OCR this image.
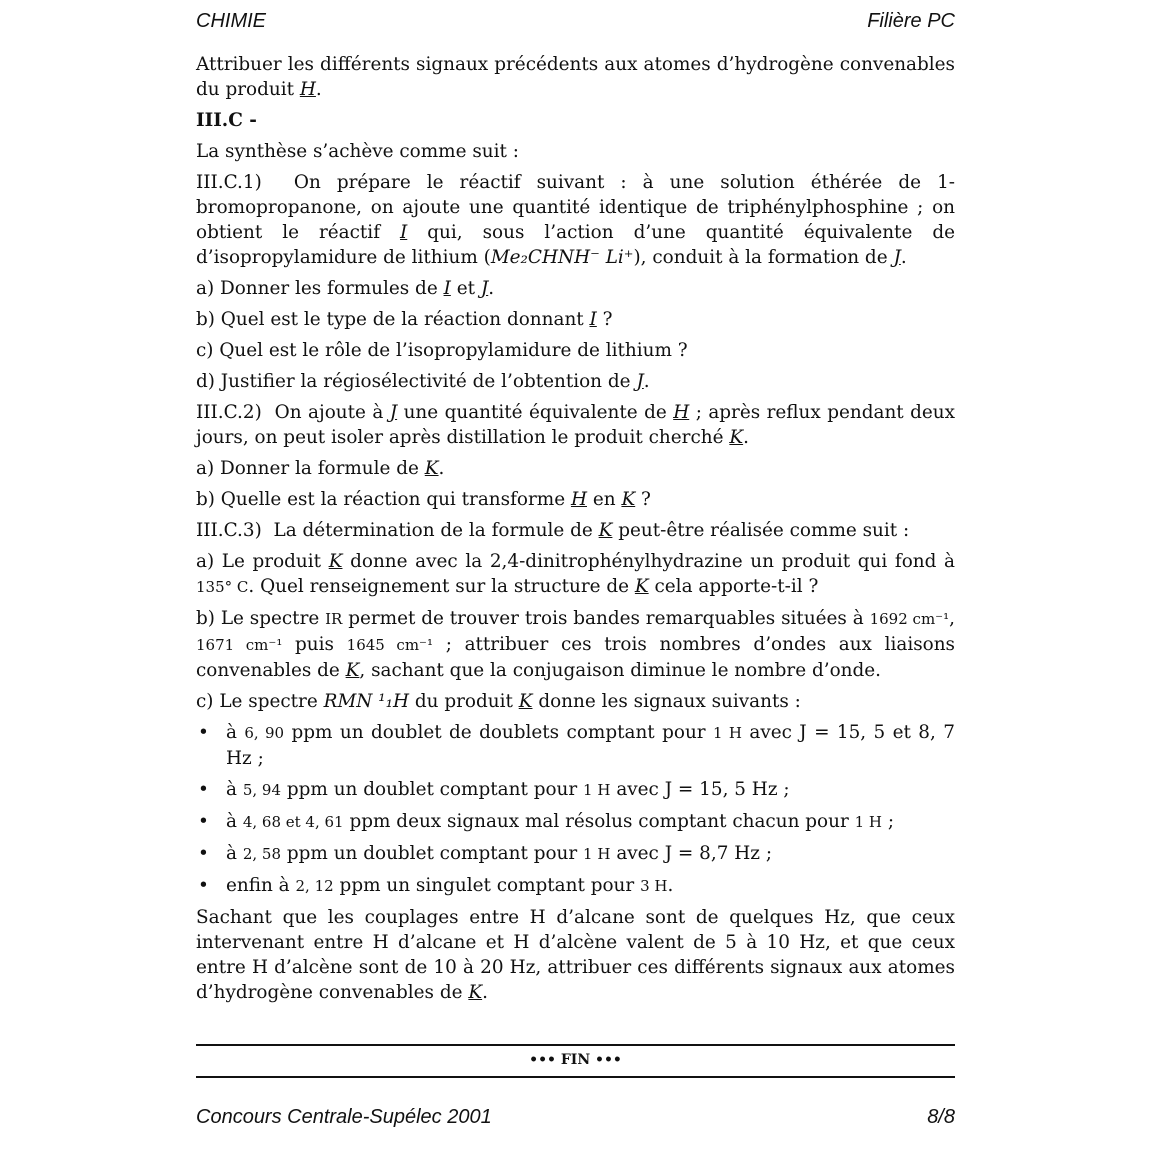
CHIMIE	Filière PC

Attribuer les différents signaux précédents aux atomes d’hydrogène convenables du produit H.

III.C -

La synthèse s’achève comme suit :

III.C.1) On prépare le réactif suivant : à une solution éthérée de 1-bromopropanone, on ajoute une quantité identique de triphénylphosphine ; on obtient le réactif I qui, sous l’action d’une quantité équivalente de d’isopropylamidure de lithium (Me₂CHNH⁻ Li⁺), conduit à la formation de J.

a) Donner les formules de I et J.

b) Quel est le type de la réaction donnant I ?

c) Quel est le rôle de l’isopropylamidure de lithium ?

d) Justifier la régiosélectivité de l’obtention de J.

III.C.2) On ajoute à J une quantité équivalente de H ; après reflux pendant deux jours, on peut isoler après distillation le produit cherché K.

a) Donner la formule de K.

b) Quelle est la réaction qui transforme H en K ?

III.C.3) La détermination de la formule de K peut-être réalisée comme suit :

a) Le produit K donne avec la 2,4-dinitrophénylhydrazine un produit qui fond à 135° C. Quel renseignement sur la structure de K cela apporte-t-il ?

b) Le spectre IR permet de trouver trois bandes remarquables situées à 1692 cm⁻¹, 1671 cm⁻¹ puis 1645 cm⁻¹ ; attribuer ces trois nombres d’ondes aux liaisons convenables de K, sachant que la conjugaison diminue le nombre d’onde.

c) Le spectre RMN ¹₁H du produit K donne les signaux suivants :

• à 6, 90 ppm un doublet de doublets comptant pour 1 H avec J = 15, 5 et 8, 7 Hz ;

• à 5, 94 ppm un doublet comptant pour 1 H avec J = 15, 5 Hz ;

• à 4, 68 et 4, 61 ppm deux signaux mal résolus comptant chacun pour 1 H ;

• à 2, 58 ppm un doublet comptant pour 1 H avec J = 8,7 Hz ;

• enfin à 2, 12 ppm un singulet comptant pour 3 H.

Sachant que les couplages entre H d’alcane sont de quelques Hz, que ceux intervenant entre H d’alcane et H d’alcène valent de 5 à 10 Hz, et que ceux entre H d’alcène sont de 10 à 20 Hz, attribuer ces différents signaux aux atomes d’hydrogène convenables de K.

••• FIN •••
Concours Centrale-Supélec 2001	8/8
